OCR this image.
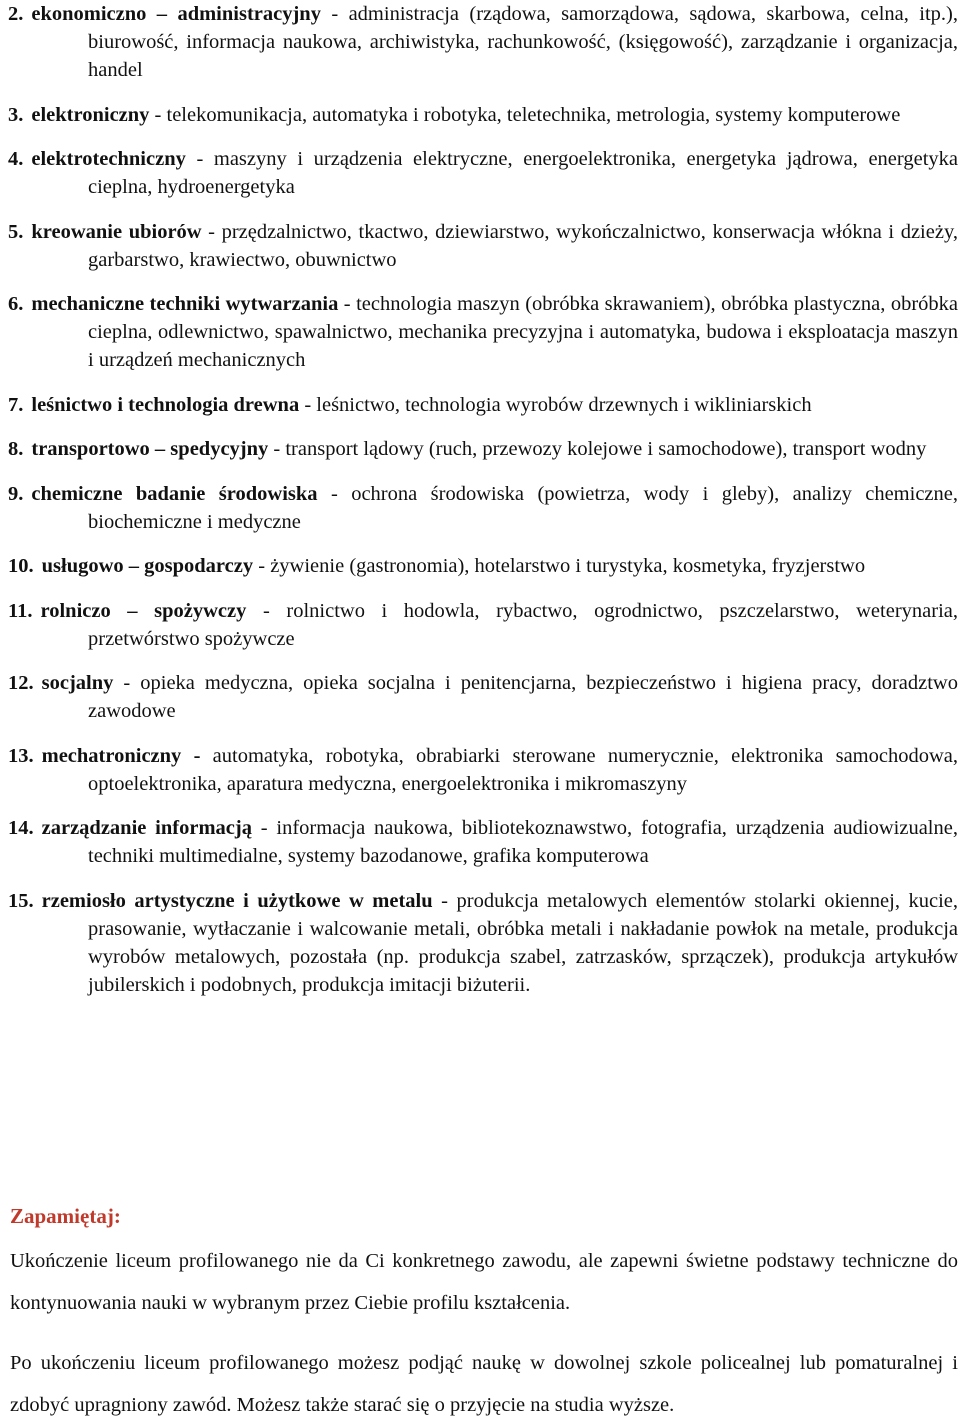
2. ekonomiczno – administracyjny - administracja (rządowa, samorządowa, sądowa, skarbowa, celna, itp.), biurowość, informacja naukowa, archiwistyka, rachunkowość, (księgowość), zarządzanie i organizacja, handel

3. elektroniczny - telekomunikacja, automatyka i robotyka, teletechnika, metrologia, systemy komputerowe

4. elektrotechniczny - maszyny i urządzenia elektryczne, energoelektronika, energetyka jądrowa, energetyka cieplna, hydroenergetyka

5. kreowanie ubiorów - przędzalnictwo, tkactwo, dziewiarstwo, wykończalnictwo, konserwacja włókna i dzieży, garbarstwo, krawiectwo, obuwnictwo

6. mechaniczne techniki wytwarzania - technologia maszyn (obróbka skrawaniem), obróbka plastyczna, obróbka cieplna, odlewnictwo, spawalnictwo, mechanika precyzyjna i automatyka, budowa i eksploatacja maszyn i urządzeń mechanicznych

7. leśnictwo i technologia drewna - leśnictwo, technologia wyrobów drzewnych i wikliniarskich

8. transportowo – spedycyjny - transport lądowy (ruch, przewozy kolejowe i samochodowe), transport wodny

9. chemiczne badanie środowiska - ochrona środowiska (powietrza, wody i gleby), analizy chemiczne, biochemiczne i medyczne

10. usługowo – gospodarczy - żywienie (gastronomia), hotelarstwo i turystyka, kosmetyka, fryzjerstwo

11. rolniczo – spożywczy - rolnictwo i hodowla, rybactwo, ogrodnictwo, pszczelarstwo, weterynaria, przetwórstwo spożywcze

12. socjalny - opieka medyczna, opieka socjalna i penitencjarna, bezpieczeństwo i higiena pracy, doradztwo zawodowe

13. mechatroniczny - automatyka, robotyka, obrabiarki sterowane numerycznie, elektronika samochodowa, optoelektronika, aparatura medyczna, energoelektronika i mikromaszyny

14. zarządzanie informacją - informacja naukowa, bibliotekoznawstwo, fotografia, urządzenia audiowizualne, techniki multimedialne, systemy bazodanowe, grafika komputerowa

15. rzemiosło artystyczne i użytkowe w metalu - produkcja metalowych elementów stolarki okiennej, kucie, prasowanie, wytłaczanie i walcowanie metali, obróbka metali i nakładanie powłok na metale, produkcja wyrobów metalowych, pozostała (np. produkcja szabel, zatrzasków, sprzączek), produkcja artykułów jubilerskich i podobnych, produkcja imitacji biżuterii.

Zapamiętaj:

Ukończenie liceum profilowanego nie da Ci konkretnego zawodu, ale zapewni świetne podstawy techniczne do kontynuowania nauki w wybranym przez Ciebie profilu kształcenia.

Po ukończeniu liceum profilowanego możesz podjąć naukę w dowolnej szkole policealnej lub pomaturalnej i zdobyć upragniony zawód. Możesz także starać się o przyjęcie na studia wyższe.
